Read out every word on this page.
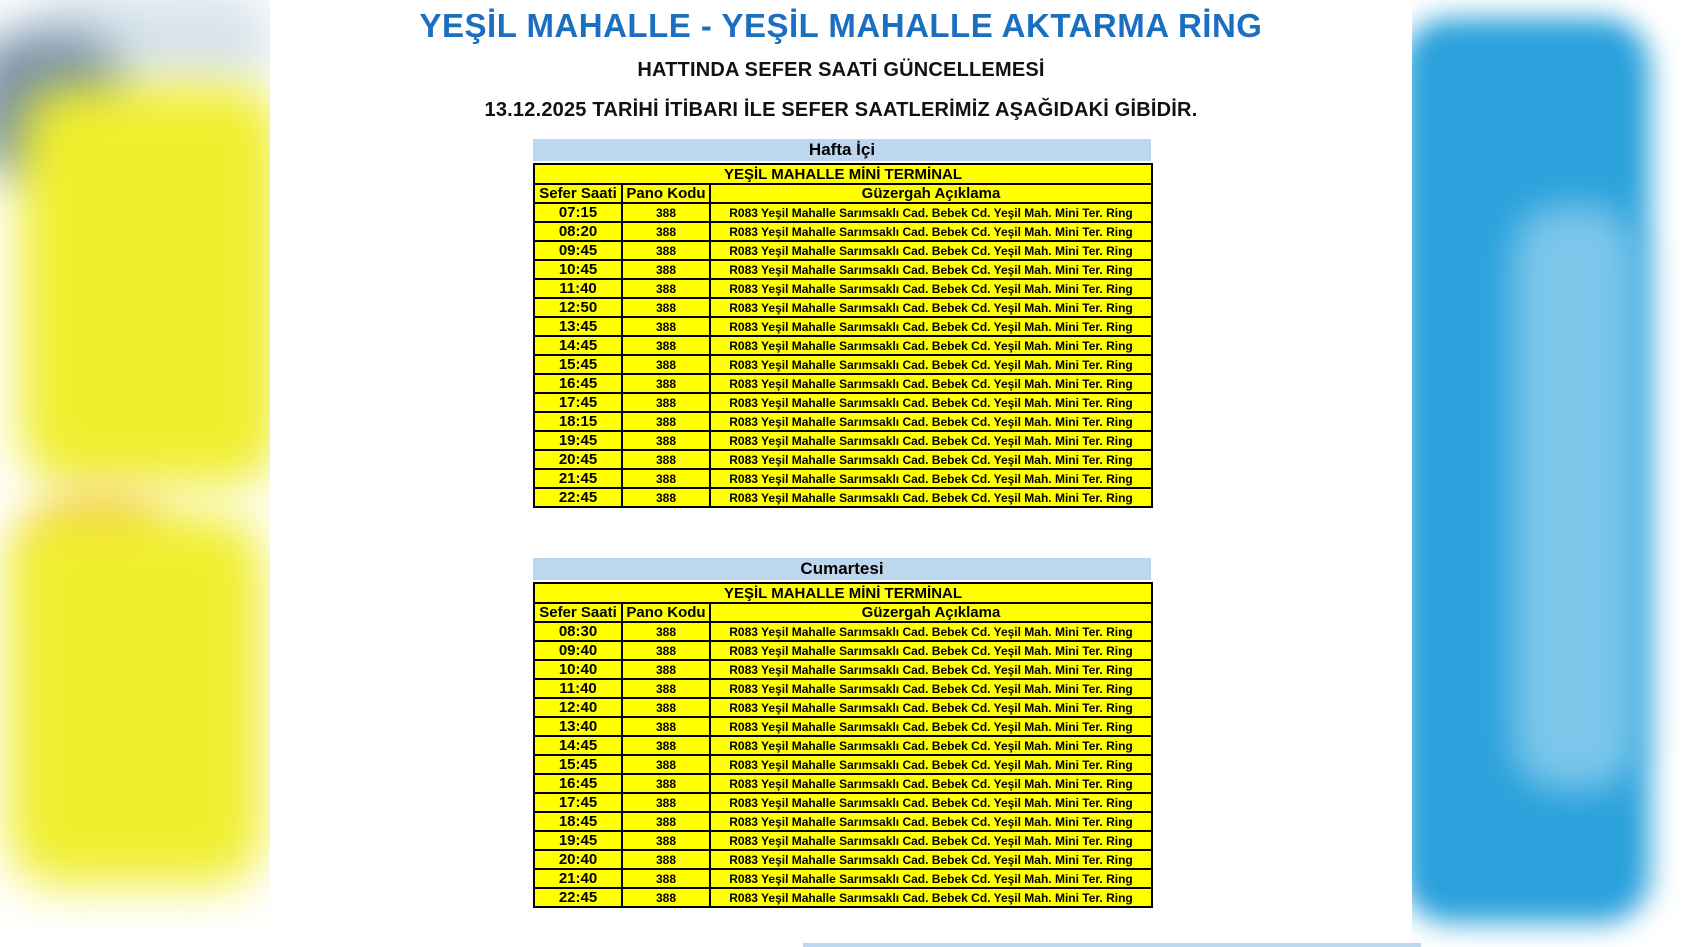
YEŞİL MAHALLE - YEŞİL MAHALLE AKTARMA RİNG
HATTINDA SEFER SAATİ GÜNCELLEMESİ
13.12.2025 TARİHİ İTİBARI İLE SEFER SAATLERİMİZ AŞAĞIDAKİ GİBİDİR.
Hafta İçi
YEŞİL MAHALLE MİNİ TERMİNAL		
Sefer Saati	Pano Kodu	Güzergah Açıklama
07:15	388	R083 Yeşil Mahalle Sarımsaklı Cad. Bebek Cd. Yeşil Mah. Mini Ter. Ring
08:20	388	R083 Yeşil Mahalle Sarımsaklı Cad. Bebek Cd. Yeşil Mah. Mini Ter. Ring
09:45	388	R083 Yeşil Mahalle Sarımsaklı Cad. Bebek Cd. Yeşil Mah. Mini Ter. Ring
10:45	388	R083 Yeşil Mahalle Sarımsaklı Cad. Bebek Cd. Yeşil Mah. Mini Ter. Ring
11:40	388	R083 Yeşil Mahalle Sarımsaklı Cad. Bebek Cd. Yeşil Mah. Mini Ter. Ring
12:50	388	R083 Yeşil Mahalle Sarımsaklı Cad. Bebek Cd. Yeşil Mah. Mini Ter. Ring
13:45	388	R083 Yeşil Mahalle Sarımsaklı Cad. Bebek Cd. Yeşil Mah. Mini Ter. Ring
14:45	388	R083 Yeşil Mahalle Sarımsaklı Cad. Bebek Cd. Yeşil Mah. Mini Ter. Ring
15:45	388	R083 Yeşil Mahalle Sarımsaklı Cad. Bebek Cd. Yeşil Mah. Mini Ter. Ring
16:45	388	R083 Yeşil Mahalle Sarımsaklı Cad. Bebek Cd. Yeşil Mah. Mini Ter. Ring
17:45	388	R083 Yeşil Mahalle Sarımsaklı Cad. Bebek Cd. Yeşil Mah. Mini Ter. Ring
18:15	388	R083 Yeşil Mahalle Sarımsaklı Cad. Bebek Cd. Yeşil Mah. Mini Ter. Ring
19:45	388	R083 Yeşil Mahalle Sarımsaklı Cad. Bebek Cd. Yeşil Mah. Mini Ter. Ring
20:45	388	R083 Yeşil Mahalle Sarımsaklı Cad. Bebek Cd. Yeşil Mah. Mini Ter. Ring
21:45	388	R083 Yeşil Mahalle Sarımsaklı Cad. Bebek Cd. Yeşil Mah. Mini Ter. Ring
22:45	388	R083 Yeşil Mahalle Sarımsaklı Cad. Bebek Cd. Yeşil Mah. Mini Ter. Ring
Cumartesi
YEŞİL MAHALLE MİNİ TERMİNAL		
Sefer Saati	Pano Kodu	Güzergah Açıklama
08:30	388	R083 Yeşil Mahalle Sarımsaklı Cad. Bebek Cd. Yeşil Mah. Mini Ter. Ring
09:40	388	R083 Yeşil Mahalle Sarımsaklı Cad. Bebek Cd. Yeşil Mah. Mini Ter. Ring
10:40	388	R083 Yeşil Mahalle Sarımsaklı Cad. Bebek Cd. Yeşil Mah. Mini Ter. Ring
11:40	388	R083 Yeşil Mahalle Sarımsaklı Cad. Bebek Cd. Yeşil Mah. Mini Ter. Ring
12:40	388	R083 Yeşil Mahalle Sarımsaklı Cad. Bebek Cd. Yeşil Mah. Mini Ter. Ring
13:40	388	R083 Yeşil Mahalle Sarımsaklı Cad. Bebek Cd. Yeşil Mah. Mini Ter. Ring
14:45	388	R083 Yeşil Mahalle Sarımsaklı Cad. Bebek Cd. Yeşil Mah. Mini Ter. Ring
15:45	388	R083 Yeşil Mahalle Sarımsaklı Cad. Bebek Cd. Yeşil Mah. Mini Ter. Ring
16:45	388	R083 Yeşil Mahalle Sarımsaklı Cad. Bebek Cd. Yeşil Mah. Mini Ter. Ring
17:45	388	R083 Yeşil Mahalle Sarımsaklı Cad. Bebek Cd. Yeşil Mah. Mini Ter. Ring
18:45	388	R083 Yeşil Mahalle Sarımsaklı Cad. Bebek Cd. Yeşil Mah. Mini Ter. Ring
19:45	388	R083 Yeşil Mahalle Sarımsaklı Cad. Bebek Cd. Yeşil Mah. Mini Ter. Ring
20:40	388	R083 Yeşil Mahalle Sarımsaklı Cad. Bebek Cd. Yeşil Mah. Mini Ter. Ring
21:40	388	R083 Yeşil Mahalle Sarımsaklı Cad. Bebek Cd. Yeşil Mah. Mini Ter. Ring
22:45	388	R083 Yeşil Mahalle Sarımsaklı Cad. Bebek Cd. Yeşil Mah. Mini Ter. Ring
